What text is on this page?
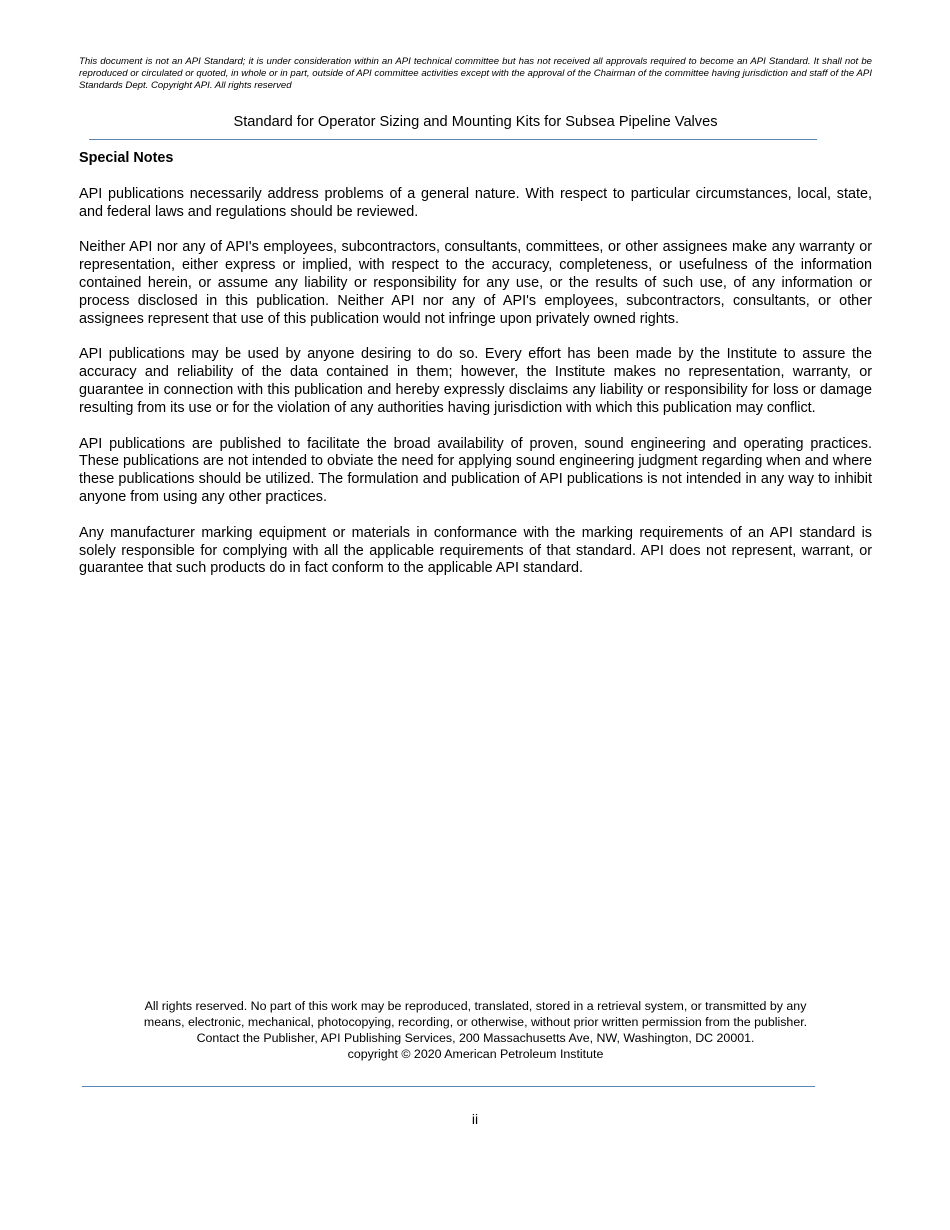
This document is not an API Standard; it is under consideration within an API technical committee but has not received all approvals required to become an API Standard. It shall not be reproduced or circulated or quoted, in whole or in part, outside of API committee activities except with the approval of the Chairman of the committee having jurisdiction and staff of the API Standards Dept. Copyright API. All rights reserved

Standard for Operator Sizing and Mounting Kits for Subsea Pipeline Valves

Special Notes

API publications necessarily address problems of a general nature. With respect to particular circumstances, local, state, and federal laws and regulations should be reviewed.

Neither API nor any of API's employees, subcontractors, consultants, committees, or other assignees make any warranty or representation, either express or implied, with respect to the accuracy, completeness, or usefulness of the information contained herein, or assume any liability or responsibility for any use, or the results of such use, of any information or process disclosed in this publication. Neither API nor any of API's employees, subcontractors, consultants, or other assignees represent that use of this publication would not infringe upon privately owned rights.

API publications may be used by anyone desiring to do so. Every effort has been made by the Institute to assure the accuracy and reliability of the data contained in them; however, the Institute makes no representation, warranty, or guarantee in connection with this publication and hereby expressly disclaims any liability or responsibility for loss or damage resulting from its use or for the violation of any authorities having jurisdiction with which this publication may conflict.

API publications are published to facilitate the broad availability of proven, sound engineering and operating practices. These publications are not intended to obviate the need for applying sound engineering judgment regarding when and where these publications should be utilized. The formulation and publication of API publications is not intended in any way to inhibit anyone from using any other practices.

Any manufacturer marking equipment or materials in conformance with the marking requirements of an API standard is solely responsible for complying with all the applicable requirements of that standard. API does not represent, warrant, or guarantee that such products do in fact conform to the applicable API standard.

All rights reserved. No part of this work may be reproduced, translated, stored in a retrieval system, or transmitted by any
means, electronic, mechanical, photocopying, recording, or otherwise, without prior written permission from the publisher.
Contact the Publisher, API Publishing Services, 200 Massachusetts Ave, NW, Washington, DC 20001.
copyright © 2020 American Petroleum Institute
ii
